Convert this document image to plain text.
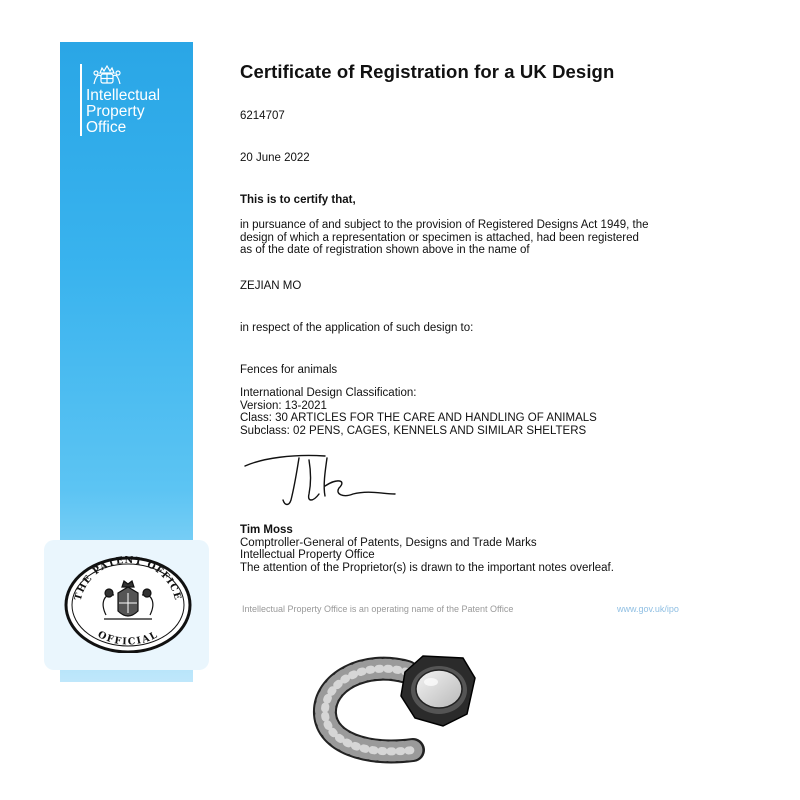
Intellectual
Property
Office
THE PATENT OFFICE
OFFICIAL
Certificate of Registration for a UK Design

6214707

20 June 2022

This is to certify that,

in pursuance of and subject to the provision of Registered Designs Act 1949, the
design of which a representation or specimen is attached, had been registered
as of the date of registration shown above in the name of

ZEJIAN MO

in respect of the application of such design to:

Fences for animals

International Design Classification:
Version: 13-2021
Class: 30 ARTICLES FOR THE CARE AND HANDLING OF ANIMALS
Subclass: 02 PENS, CAGES, KENNELS AND SIMILAR SHELTERS
Tim Moss
Comptroller-General of Patents, Designs and Trade Marks
Intellectual Property Office
The attention of the Proprietor(s) is drawn to the important notes overleaf.
Intellectual Property Office is an operating name of the Patent Office	www.gov.uk/ipo
